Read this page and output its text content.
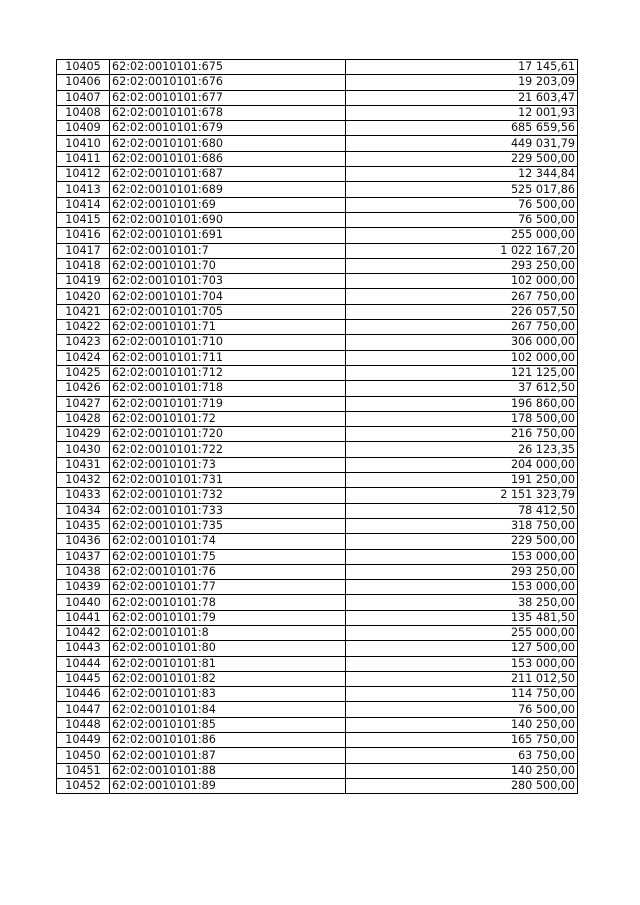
10405	62:02:0010101:675	17 145,61
10406	62:02:0010101:676	19 203,09
10407	62:02:0010101:677	21 603,47
10408	62:02:0010101:678	12 001,93
10409	62:02:0010101:679	685 659,56
10410	62:02:0010101:680	449 031,79
10411	62:02:0010101:686	229 500,00
10412	62:02:0010101:687	12 344,84
10413	62:02:0010101:689	525 017,86
10414	62:02:0010101:69	76 500,00
10415	62:02:0010101:690	76 500,00
10416	62:02:0010101:691	255 000,00
10417	62:02:0010101:7	1 022 167,20
10418	62:02:0010101:70	293 250,00
10419	62:02:0010101:703	102 000,00
10420	62:02:0010101:704	267 750,00
10421	62:02:0010101:705	226 057,50
10422	62:02:0010101:71	267 750,00
10423	62:02:0010101:710	306 000,00
10424	62:02:0010101:711	102 000,00
10425	62:02:0010101:712	121 125,00
10426	62:02:0010101:718	37 612,50
10427	62:02:0010101:719	196 860,00
10428	62:02:0010101:72	178 500,00
10429	62:02:0010101:720	216 750,00
10430	62:02:0010101:722	26 123,35
10431	62:02:0010101:73	204 000,00
10432	62:02:0010101:731	191 250,00
10433	62:02:0010101:732	2 151 323,79
10434	62:02:0010101:733	78 412,50
10435	62:02:0010101:735	318 750,00
10436	62:02:0010101:74	229 500,00
10437	62:02:0010101:75	153 000,00
10438	62:02:0010101:76	293 250,00
10439	62:02:0010101:77	153 000,00
10440	62:02:0010101:78	38 250,00
10441	62:02:0010101:79	135 481,50
10442	62:02:0010101:8	255 000,00
10443	62:02:0010101:80	127 500,00
10444	62:02:0010101:81	153 000,00
10445	62:02:0010101:82	211 012,50
10446	62:02:0010101:83	114 750,00
10447	62:02:0010101:84	76 500,00
10448	62:02:0010101:85	140 250,00
10449	62:02:0010101:86	165 750,00
10450	62:02:0010101:87	63 750,00
10451	62:02:0010101:88	140 250,00
10452	62:02:0010101:89	280 500,00
